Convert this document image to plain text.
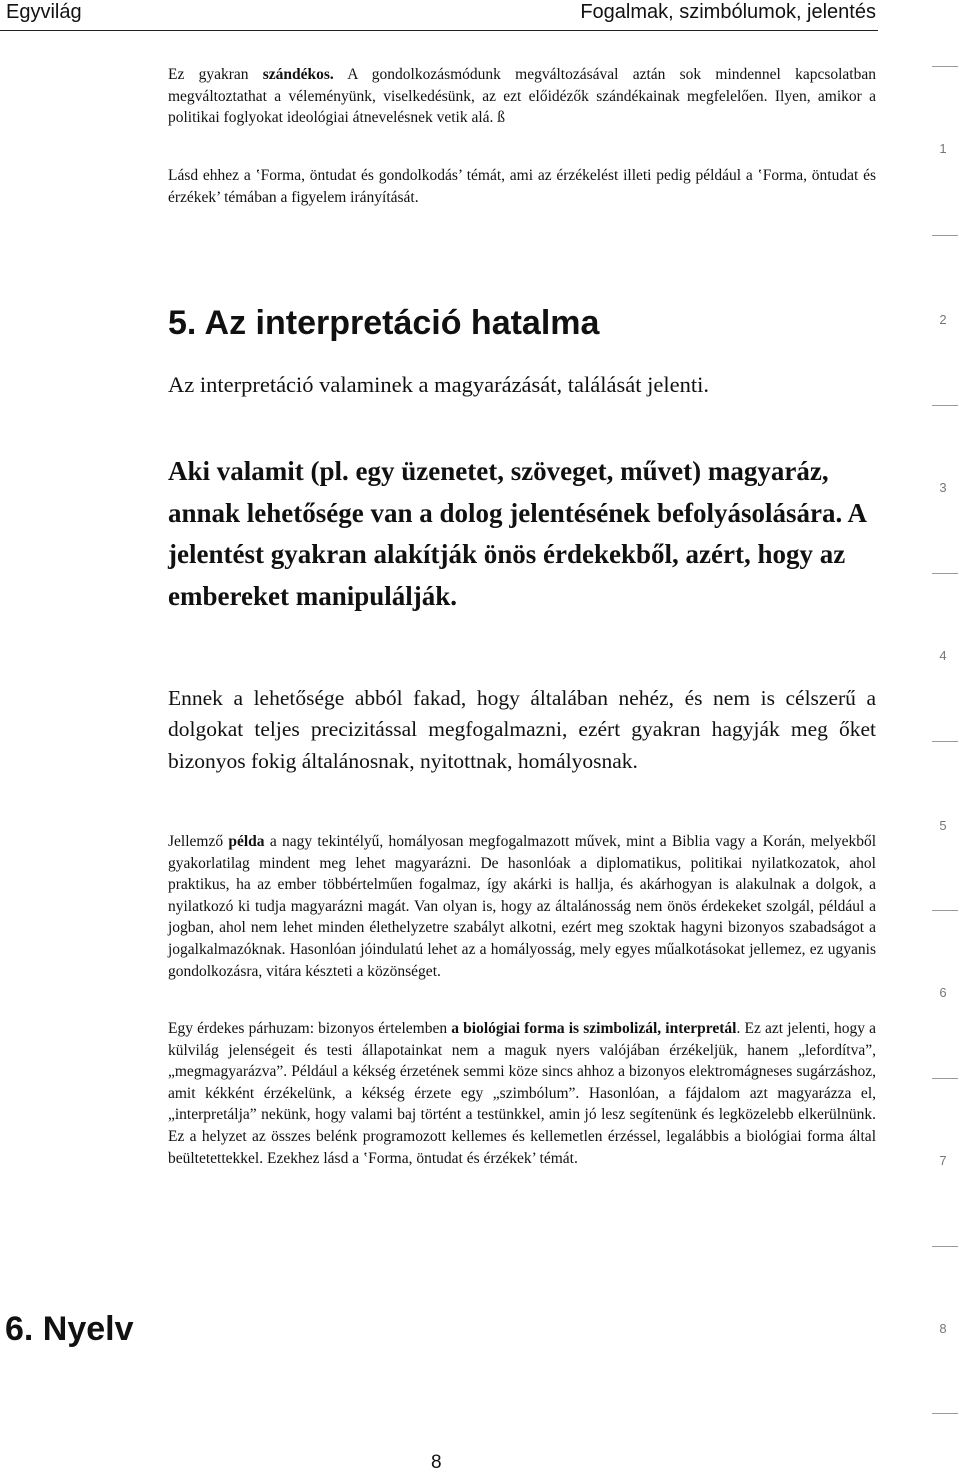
Egyvilág	Fogalmak, szimbólumok, jelentés
Ez gyakran szándékos. A gondolkozásmódunk megváltozásával aztán sok mindennel kapcsolatban megváltoztathat a véleményünk, viselkedésünk, az ezt előidézők szándékainak megfelelően. Ilyen, amikor a politikai foglyokat ideológiai átnevelésnek vetik alá. ß
Lásd ehhez a ‛Forma, öntudat és gondolkodás’ témát, ami az érzékelést illeti pedig például a ‛Forma, öntudat és érzékek’ témában a figyelem irányítását.
5. Az interpretáció hatalma
Az interpretáció valaminek a magyarázását, találását jelenti.
Aki valamit (pl. egy üzenetet, szöveget, művet) magyaráz, annak lehetősége van a dolog jelentésének befolyásolására. A jelentést gyakran alakítják önös érdekekből, azért, hogy az embereket manipulálják.
Ennek a lehetősége abból fakad, hogy általában nehéz, és nem is célszerű a dolgokat teljes precizitással megfogalmazni, ezért gyakran hagyják meg őket bizonyos fokig általánosnak, nyitottnak, homályosnak.
Jellemző példa a nagy tekintélyű, homályosan megfogalmazott művek, mint a Biblia vagy a Korán, melyekből gyakorlatilag mindent meg lehet magyarázni. De hasonlóak a diplomatikus, politikai nyilatkozatok, ahol praktikus, ha az ember többértelműen fogalmaz, így akárki is hallja, és akárhogyan is alakulnak a dolgok, a nyilatkozó ki tudja magyarázni magát. Van olyan is, hogy az általánosság nem önös érdekeket szolgál, például a jogban, ahol nem lehet minden élethelyzetre szabályt alkotni, ezért meg szoktak hagyni bizonyos szabadságot a jogalkalmazóknak. Hasonlóan jóindulatú lehet az a homályosság, mely egyes műalkotásokat jellemez, ez ugyanis gondolkozásra, vitára készteti a közönséget.
Egy érdekes párhuzam: bizonyos értelemben a biológiai forma is szimbolizál, interpretál. Ez azt jelenti, hogy a külvilág jelenségeit és testi állapotainkat nem a maguk nyers valójában érzékeljük, hanem „lefordítva”, „megmagyarázva”. Például a kékség érzetének semmi köze sincs ahhoz a bizonyos elektromágneses sugárzáshoz, amit kékként érzékelünk, a kékség érzete egy „szimbólum”. Hasonlóan, a fájdalom azt magyarázza el, „interpretálja” nekünk, hogy valami baj történt a testünkkel, amin jó lesz segítenünk és legközelebb elkerülnünk. Ez a helyzet az összes belénk programozott kellemes és kellemetlen érzéssel, legalábbis a biológiai forma által beültetettekkel. Ezekhez lásd a ‛Forma, öntudat és érzékek’ témát.
6. Nyelv
8
1
2
3
4
5
6
7
8
